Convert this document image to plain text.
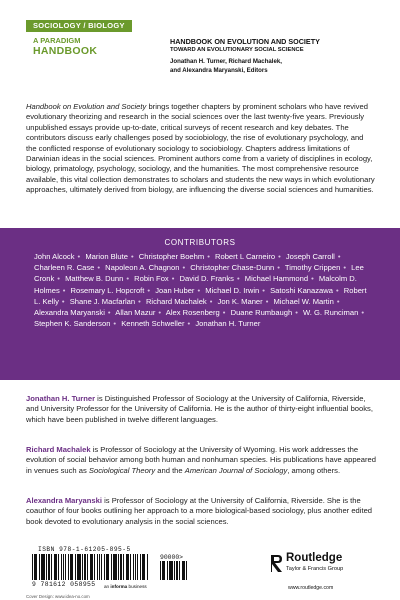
SOCIOLOGY / BIOLOGY
A PARADIGM
HANDBOOK
HANDBOOK ON EVOLUTION AND SOCIETY
TOWARD AN EVOLUTIONARY SOCIAL SCIENCE
Jonathan H. Turner, Richard Machalek,
and Alexandra Maryanski, Editors
Handbook on Evolution and Society brings together chapters by prominent scholars who have revived evolutionary theorizing and research in the social sciences over the last twenty-five years. Previously unpublished essays provide up-to-date, critical surveys of recent research and key debates. The contributors discuss early challenges posed by sociobiology, the rise of evolutionary psychology, and the conflicted response of evolutionary sociology to sociobiology. Chapters address limitations of Darwinian ideas in the social sciences. Prominent authors come from a variety of disciplines in ecology, biology, primatology, psychology, sociology, and the humanities. The most comprehensive resource available, this vital collection demonstrates to scholars and students the new ways in which evolutionary approaches, ultimately derived from biology, are influencing the diverse social sciences and humanities.
CONTRIBUTORS
John Alcock • Marion Blute • Christopher Boehm • Robert L Carneiro • Joseph Carroll • Charleen R. Case • Napoleon A. Chagnon • Christopher Chase-Dunn • Timothy Crippen • Lee Cronk • Matthew B. Dunn • Robin Fox • David D. Franks • Michael Hammond • Malcolm D. Holmes • Rosemary L. Hopcroft • Joan Huber • Michael D. Irwin • Satoshi Kanazawa • Robert L. Kelly • Shane J. Macfarlan • Richard Machalek • Jon K. Maner • Michael W. Martin • Alexandra Maryanski • Allan Mazur • Alex Rosenberg • Duane Rumbaugh • W. G. Runciman • Stephen K. Sanderson • Kenneth Schweller • Jonathan H. Turner
Jonathan H. Turner is Distinguished Professor of Sociology at the University of California, Riverside, and University Professor for the University of California. He is the author of thirty-eight influential books, which have been published in twelve different languages.
Richard Machalek is Professor of Sociology at the University of Wyoming. His work addresses the evolution of social behavior among both human and nonhuman species. His publications have appeared in venues such as Sociological Theory and the American Journal of Sociology, among others.
Alexandra Maryanski is Professor of Sociology at the University of California, Riverside. She is the coauthor of four books outlining her approach to a more biological-based sociology, plus another edited book devoted to evolutionary analysis in the social sciences.
ISBN 978-1-61205-895-5
9 781612 058955
90000>
an informa business
Cover Design: www.idea-no.com
Routledge
Taylor & Francis Group
www.routledge.com
